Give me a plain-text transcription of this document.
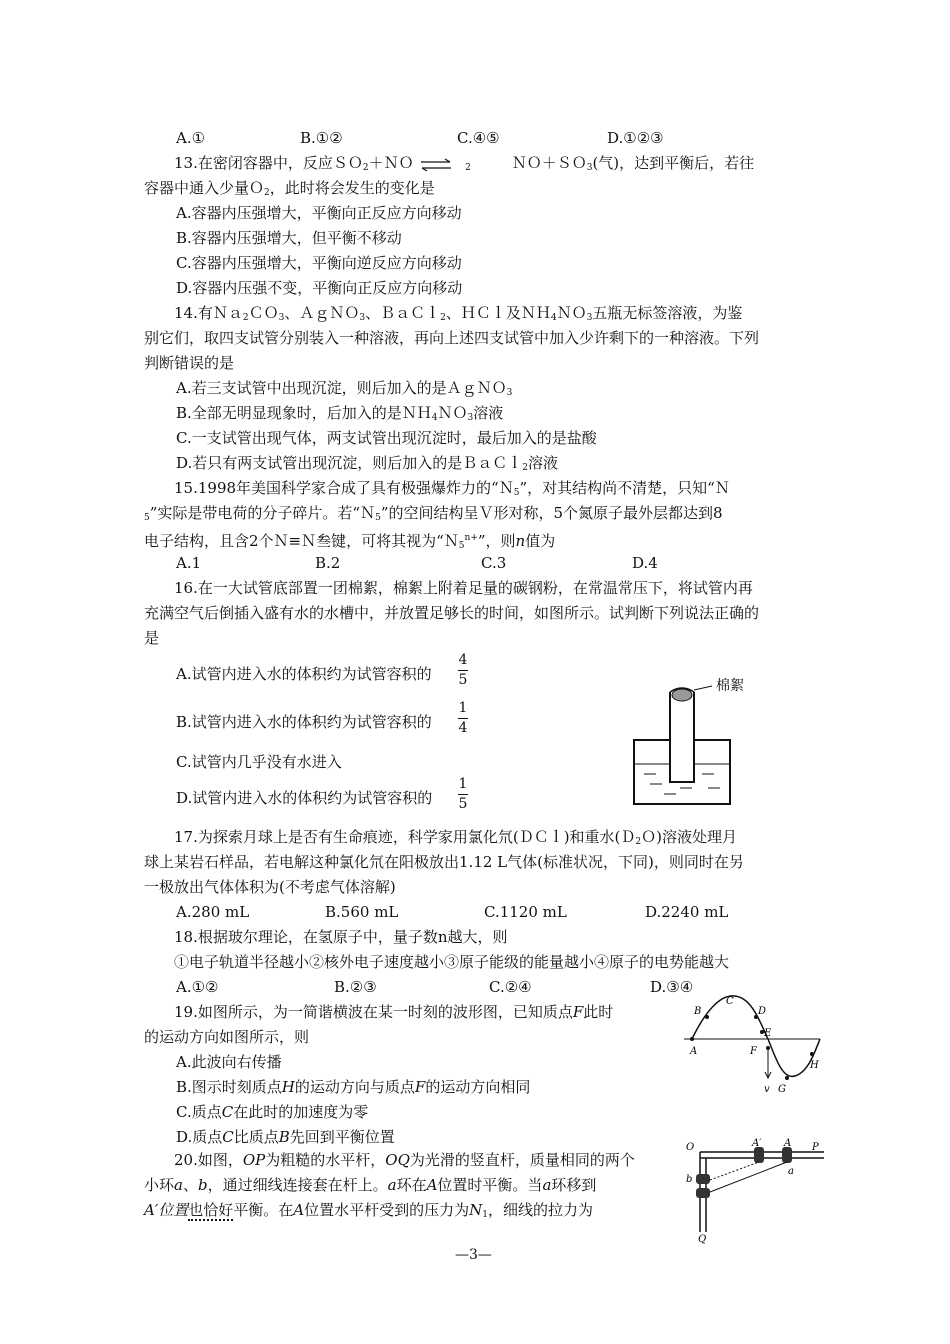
A.①	B.①②	C.④⑤	D.①②③
13.在密闭容器中，反应ＳＯ$_2$＋ＮＯ ⇌ $_2$	ＮＯ＋ＳＯ$_3$(气)，达到平衡后，若往
容器中通入少量Ｏ$_2$，此时将会发生的变化是
A.容器内压强增大，平衡向正反应方向移动
B.容器内压强增大，但平衡不移动
C.容器内压强增大，平衡向逆反应方向移动
D.容器内压强不变，平衡向正反应方向移动
14.有Ｎａ$_2$ＣＯ$_3$、ＡｇＮＯ$_3$、ＢａＣｌ$_2$、ＨＣｌ及ＮＨ$_4$ＮＯ$_3$五瓶无标签溶液，为鉴
别它们，取四支试管分别装入一种溶液，再向上述四支试管中加入少许剩下的一种溶液。下列
判断错误的是
A.若三支试管中出现沉淀，则后加入的是ＡｇＮＯ$_3$
B.全部无明显现象时，后加入的是ＮＨ$_4$ＮＯ$_3$溶液
C.一支试管出现气体，两支试管出现沉淀时，最后加入的是盐酸
D.若只有两支试管出现沉淀，则后加入的是ＢａＣｌ$_2$溶液
15.1998年美国科学家合成了具有极强爆炸力的“Ｎ$_5$”，对其结构尚不清楚，只知“Ｎ
$_5$”实际是带电荷的分子碎片。若“Ｎ$_5$”的空间结构呈Ｖ形对称，5个氮原子最外层都达到8
电子结构，且含2个Ｎ≡Ｎ叁键，可将其视为“Ｎ$_5^{n+}$”，则n值为
A.1	B.2	C.3	D.4
16.在一大试管底部置一团棉絮，棉絮上附着足量的碳钢粉，在常温常压下，将试管内再
充满空气后倒插入盛有水的水槽中，并放置足够长的时间，如图所示。试判断下列说法正确的
是
A.试管内进入水的体积约为试管容积的
4
5
B.试管内进入水的体积约为试管容积的
1
4
C.试管内几乎没有水进入
D.试管内进入水的体积约为试管容积的
1
5
棉絮
17.为探索月球上是否有生命痕迹，科学家用氯化氘(ＤＣｌ)和重水(Ｄ$_2$Ｏ)溶液处理月
球上某岩石样品，若电解这种氯化氘在阳极放出1.12 L气体(标准状况，下同)，则同时在另
一极放出气体体积为(不考虑气体溶解)
A.280 mL	B.560 mL	C.1120 mL	D.2240 mL
18.根据玻尔理论，在氢原子中，量子数n越大，则
①电子轨道半径越小②核外电子速度越小③原子能级的能量越小④原子的电势能越大
A.①②	B.②③	C.②④	D.③④
19.如图所示，为一简谐横波在某一时刻的波形图，已知质点F此时
的运动方向如图所示，则
A.此波向右传播
B.图示时刻质点H的运动方向与质点F的运动方向相同
C.质点C在此时的加速度为零
D.质点C比质点B先回到平衡位置
B
C
D
E
A	F
G
H
v
20.如图，OP为粗糙的水平杆，OQ为光滑的竖直杆，质量相同的两个
小环a、b，通过细线连接套在杆上。a环在A位置时平衡。当a环移到
A′位置也恰好平衡。在A位置水平杆受到的压力为$N_1$，细线的拉力为
O	A′ A P
b
a
Q
—3—
